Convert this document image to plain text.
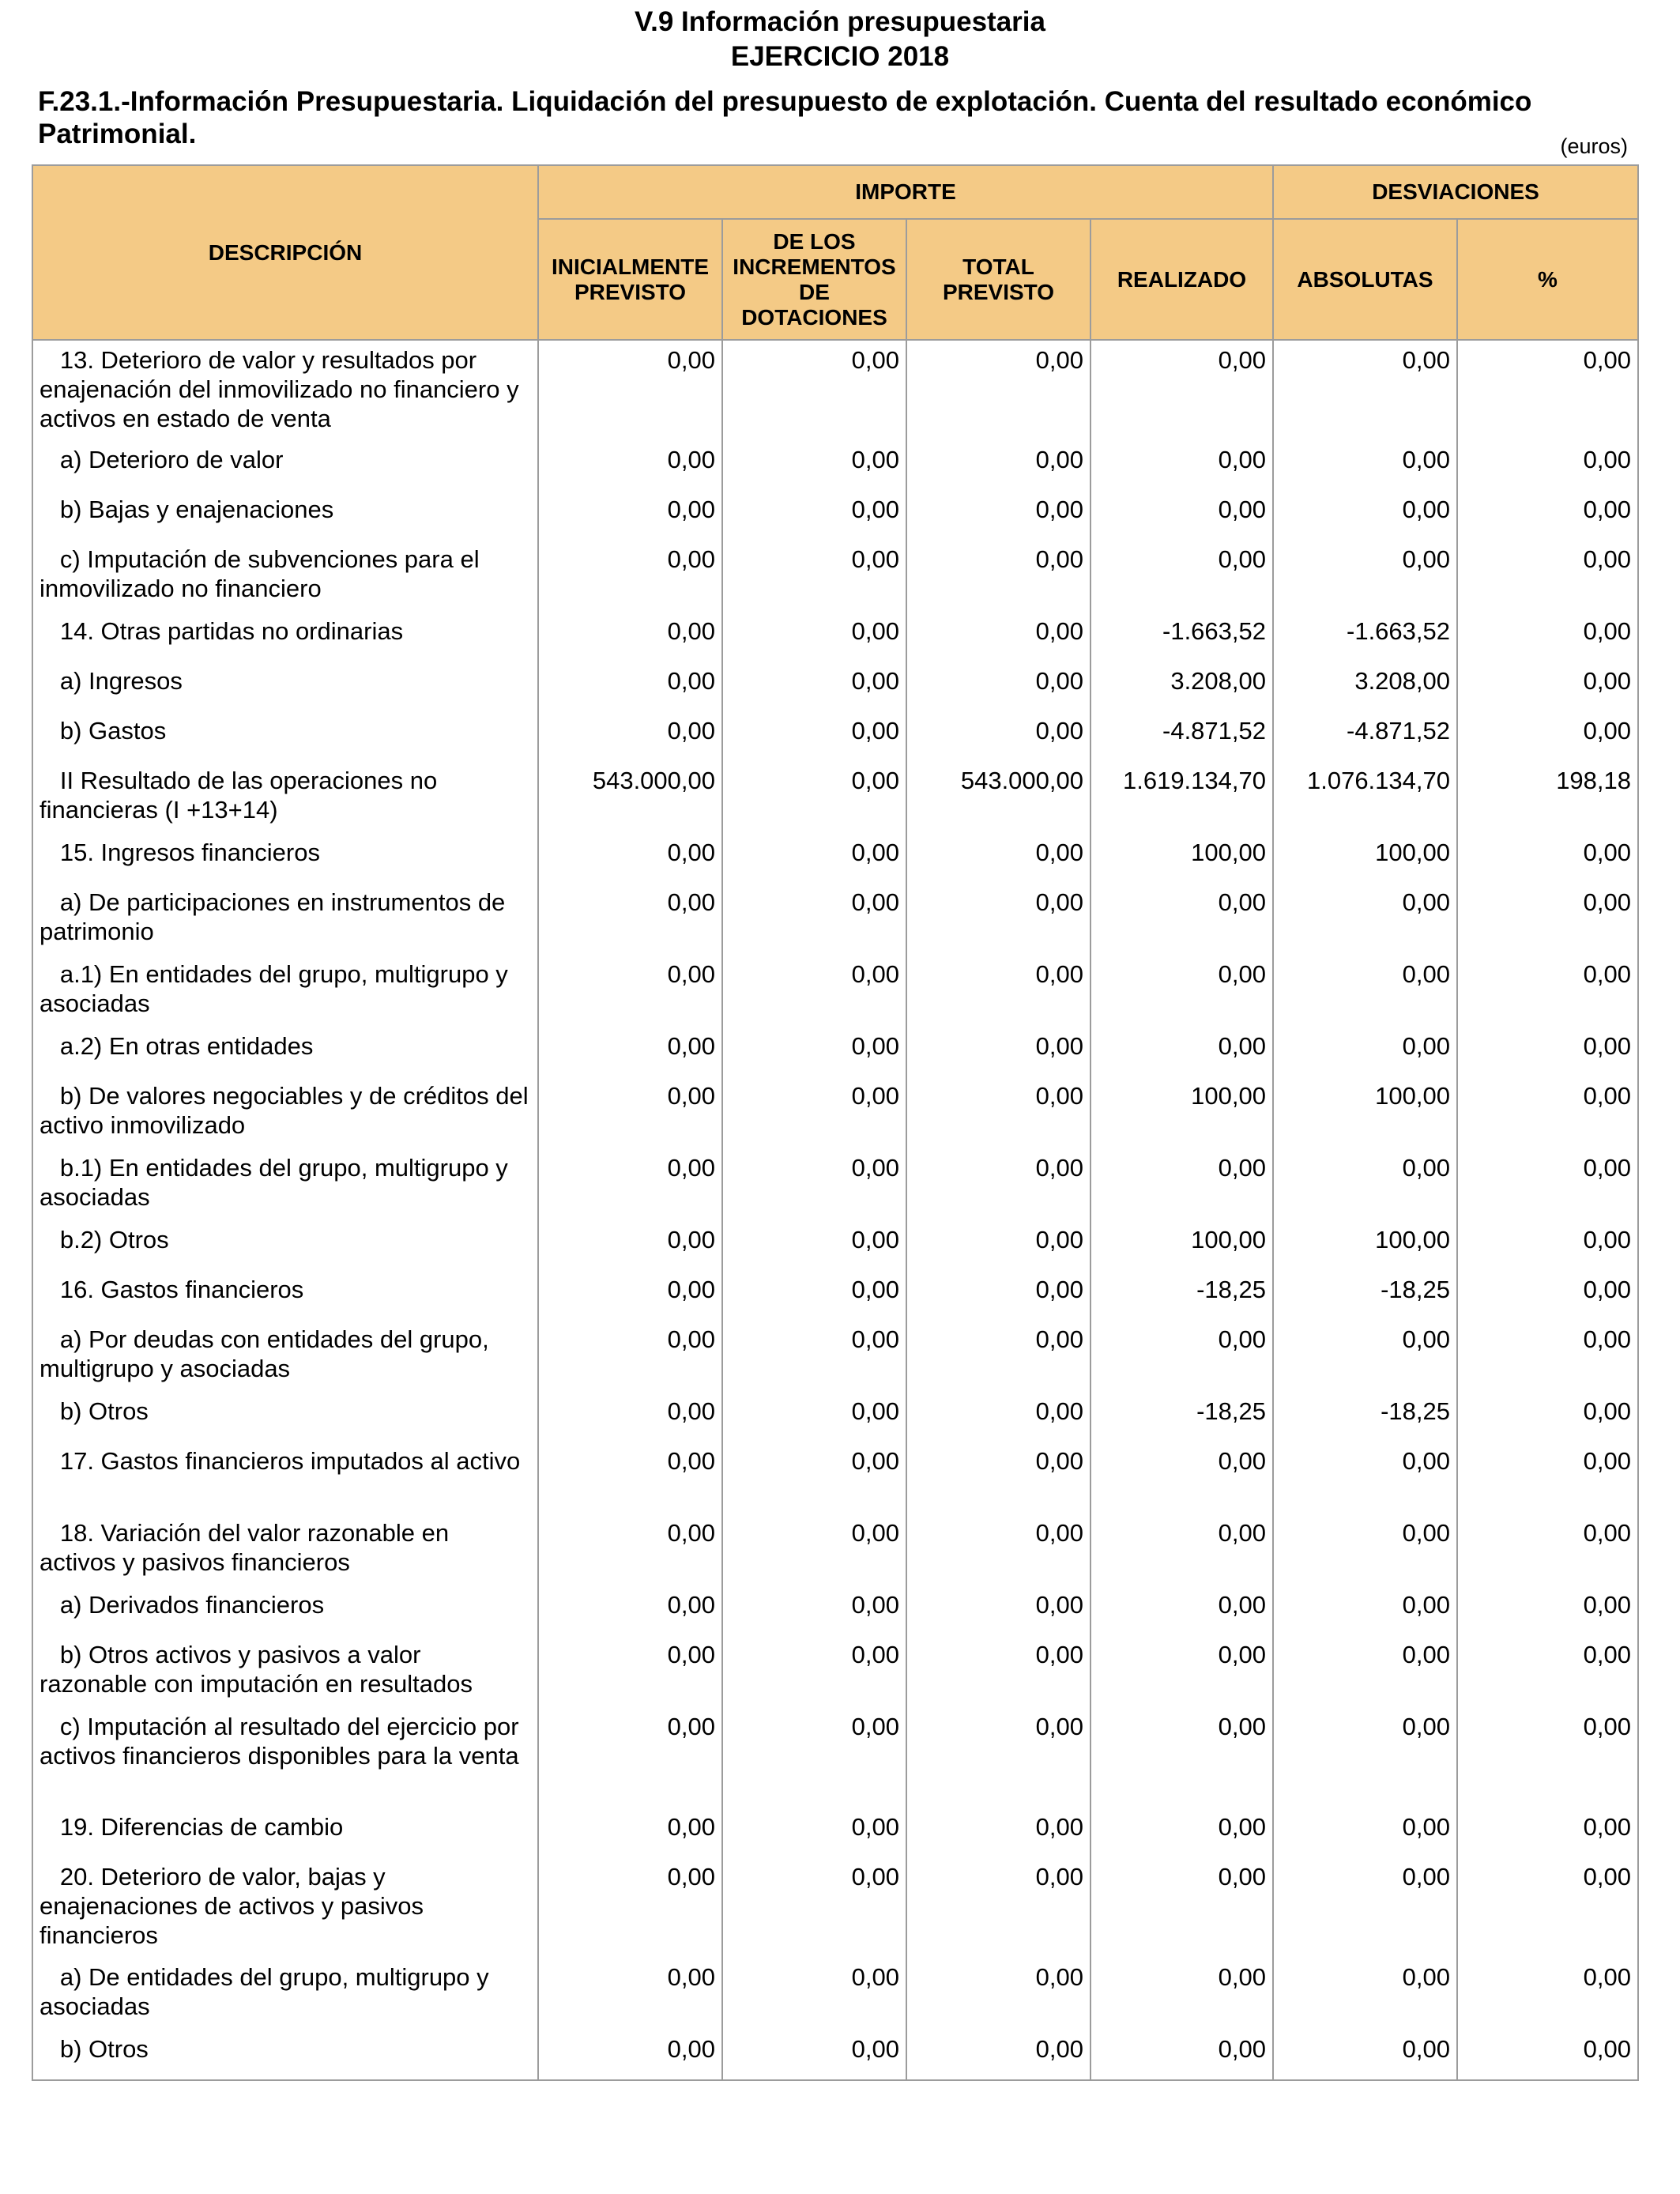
V.9 Información presupuestaria
EJERCICIO 2018
F.23.1.-Información Presupuestaria. Liquidación del presupuesto de explotación. Cuenta del resultado económico Patrimonial.	(euros)
DESCRIPCIÓN	IMPORTE				DESVIACIONES	
	INICIALMENTE PREVISTO	DE LOS INCREMENTOS DE DOTACIONES	TOTAL PREVISTO	REALIZADO	ABSOLUTAS	%
13. Deterioro de valor y resultados por enajenación del inmovilizado no financiero y activos en estado de venta	0,00	0,00	0,00	0,00	0,00	0,00
a) Deterioro de valor	0,00	0,00	0,00	0,00	0,00	0,00
b) Bajas y enajenaciones	0,00	0,00	0,00	0,00	0,00	0,00
c) Imputación de subvenciones para el inmovilizado no financiero	0,00	0,00	0,00	0,00	0,00	0,00
14. Otras partidas no ordinarias	0,00	0,00	0,00	-1.663,52	-1.663,52	0,00
a) Ingresos	0,00	0,00	0,00	3.208,00	3.208,00	0,00
b) Gastos	0,00	0,00	0,00	-4.871,52	-4.871,52	0,00
II Resultado de las operaciones no financieras (I +13+14)	543.000,00	0,00	543.000,00	1.619.134,70	1.076.134,70	198,18
15. Ingresos financieros	0,00	0,00	0,00	100,00	100,00	0,00
a) De participaciones en instrumentos de patrimonio	0,00	0,00	0,00	0,00	0,00	0,00
a.1) En entidades del grupo, multigrupo y asociadas	0,00	0,00	0,00	0,00	0,00	0,00
a.2) En otras entidades	0,00	0,00	0,00	0,00	0,00	0,00
b) De valores negociables y de créditos del activo inmovilizado	0,00	0,00	0,00	100,00	100,00	0,00
b.1) En entidades del grupo, multigrupo y asociadas	0,00	0,00	0,00	0,00	0,00	0,00
b.2) Otros	0,00	0,00	0,00	100,00	100,00	0,00
16. Gastos financieros	0,00	0,00	0,00	-18,25	-18,25	0,00
a) Por deudas con entidades del grupo, multigrupo y asociadas	0,00	0,00	0,00	0,00	0,00	0,00
b) Otros	0,00	0,00	0,00	-18,25	-18,25	0,00
17. Gastos financieros imputados al activo	0,00	0,00	0,00	0,00	0,00	0,00
18. Variación del valor razonable en activos y pasivos financieros	0,00	0,00	0,00	0,00	0,00	0,00
a) Derivados financieros	0,00	0,00	0,00	0,00	0,00	0,00
b) Otros activos y pasivos a valor razonable con imputación en resultados	0,00	0,00	0,00	0,00	0,00	0,00
c) Imputación al resultado del ejercicio por activos financieros disponibles para la venta	0,00	0,00	0,00	0,00	0,00	0,00
19. Diferencias de cambio	0,00	0,00	0,00	0,00	0,00	0,00
20. Deterioro de valor, bajas y enajenaciones de activos y pasivos financieros	0,00	0,00	0,00	0,00	0,00	0,00
a) De entidades del grupo, multigrupo y asociadas	0,00	0,00	0,00	0,00	0,00	0,00
b) Otros	0,00	0,00	0,00	0,00	0,00	0,00
